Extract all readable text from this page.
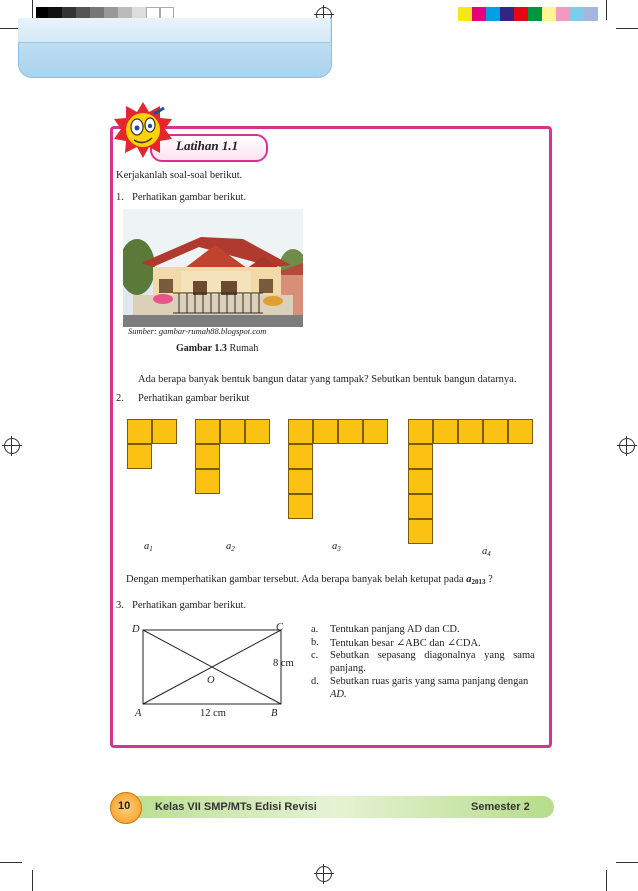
Latihan 1.1
Kerjakanlah soal-soal berikut.
1. Perhatikan gambar berikut.
Sumber: gambar-rumah88.blogspot.com
Gambar 1.3 Rumah
Ada berapa banyak bentuk bangun datar yang tampak? Sebutkan bentuk bangun datarnya.
2. Perhatikan gambar berikut
$a_1$	$a_2$	$a_3$	$a_4$
Dengan memperhatikan gambar tersebut. Ada berapa banyak belah ketupat pada $a_{2013}$ ?
3. Perhatikan gambar berikut.
D	C
O
A	B
8 cm
12 cm
a. Tentukan panjang AD dan CD.
b. Tentukan besar ∠ABC dan ∠CDA.
c. Sebutkan sepasang diagonalnya yang sama
panjang.
d. Sebutkan ruas garis yang sama panjang dengan
AD.
10 Kelas VII SMP/MTs Edisi Revisi	Semester 2
